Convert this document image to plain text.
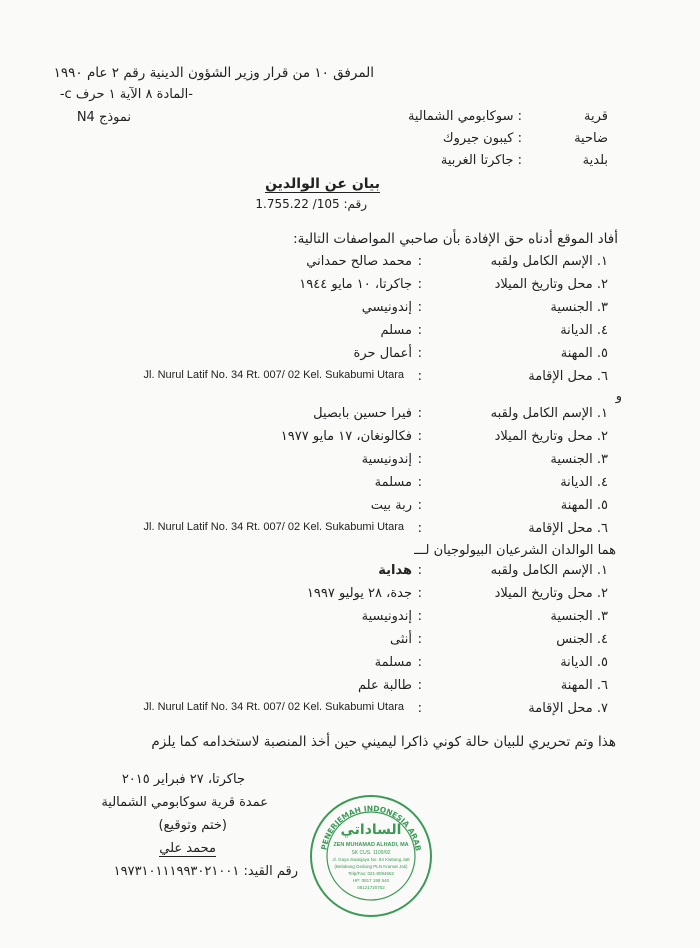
المرفق ١٠ من قرار وزير الشؤون الدينية رقم ٢ عام ١٩٩٠
-المادة ٨ الآية ١ حرف c-
نموذج N4	قرية
: سوكابومي الشمالية
ضاحية
: كيبون جيروك
بلدية
: جاكرتا الغربية
بيان عن الوالدين
رقم: 105/ 1.755.22
أفاد الموقع أدناه حق الإفادة بأن صاحبي المواصفات التالية:
١. الإسم الكامل ولقبه
:
محمد صالح حمداني
٢. محل وتاريخ الميلاد
:
جاكرتا، ١٠ مايو ١٩٤٤
٣. الجنسية
:
إندونيسي
٤. الديانة
:
مسلم
٥. المهنة
:
أعمال حرة
٦. محل الإقامة
:
Jl. Nurul Latif No. 34 Rt. 007/ 02 Kel. Sukabumi Utara
و
١. الإسم الكامل ولقبه
:
فيرا حسين بابصيل
٢. محل وتاريخ الميلاد
:
فكالونغان، ١٧ مايو ١٩٧٧
٣. الجنسية
:
إندونيسية
٤. الديانة
:
مسلمة
٥. المهنة
:
ربة بيت
٦. محل الإقامة
:
Jl. Nurul Latif No. 34 Rt. 007/ 02 Kel. Sukabumi Utara
هما الوالدان الشرعيان البيولوجيان لـــ
١. الإسم الكامل ولقبه
:
هداية
٢. محل وتاريخ الميلاد
:
جدة، ٢٨ يوليو ١٩٩٧
٣. الجنسية
:
إندونيسية
٤. الجنس
:
أنثى
٥. الديانة
:
مسلمة
٦. المهنة
:
طالبة علم
٧. محل الإقامة
:
Jl. Nurul Latif No. 34 Rt. 007/ 02 Kel. Sukabumi Utara
هذا وتم تحريري للبيان حالة كوني ذاكرا ليميني حين أخذ المنصبة لاستخدامه كما يلزم
جاكرتا، ٢٧ فبراير ٢٠١٥
عمدة قرية سوكابومي الشمالية
(ختم وتوقيع)
محمد علي
رقم القيد: ١٩٧٣١٠١١١٩٩٣٠٢١٠٠١
PENERJEMAH INDONESIA ARAB
الساداتي
ZEN MUHAMAD ALHADI, MA
SK CUS. 1109/92
Jl. Gaya Swasjaya No. 84 Kwitang Jatt
(Belakang Gedung PLN Kramat Jati)
Telp/Fax: 021-8094662
HP: 0817 198 540
08121720752
